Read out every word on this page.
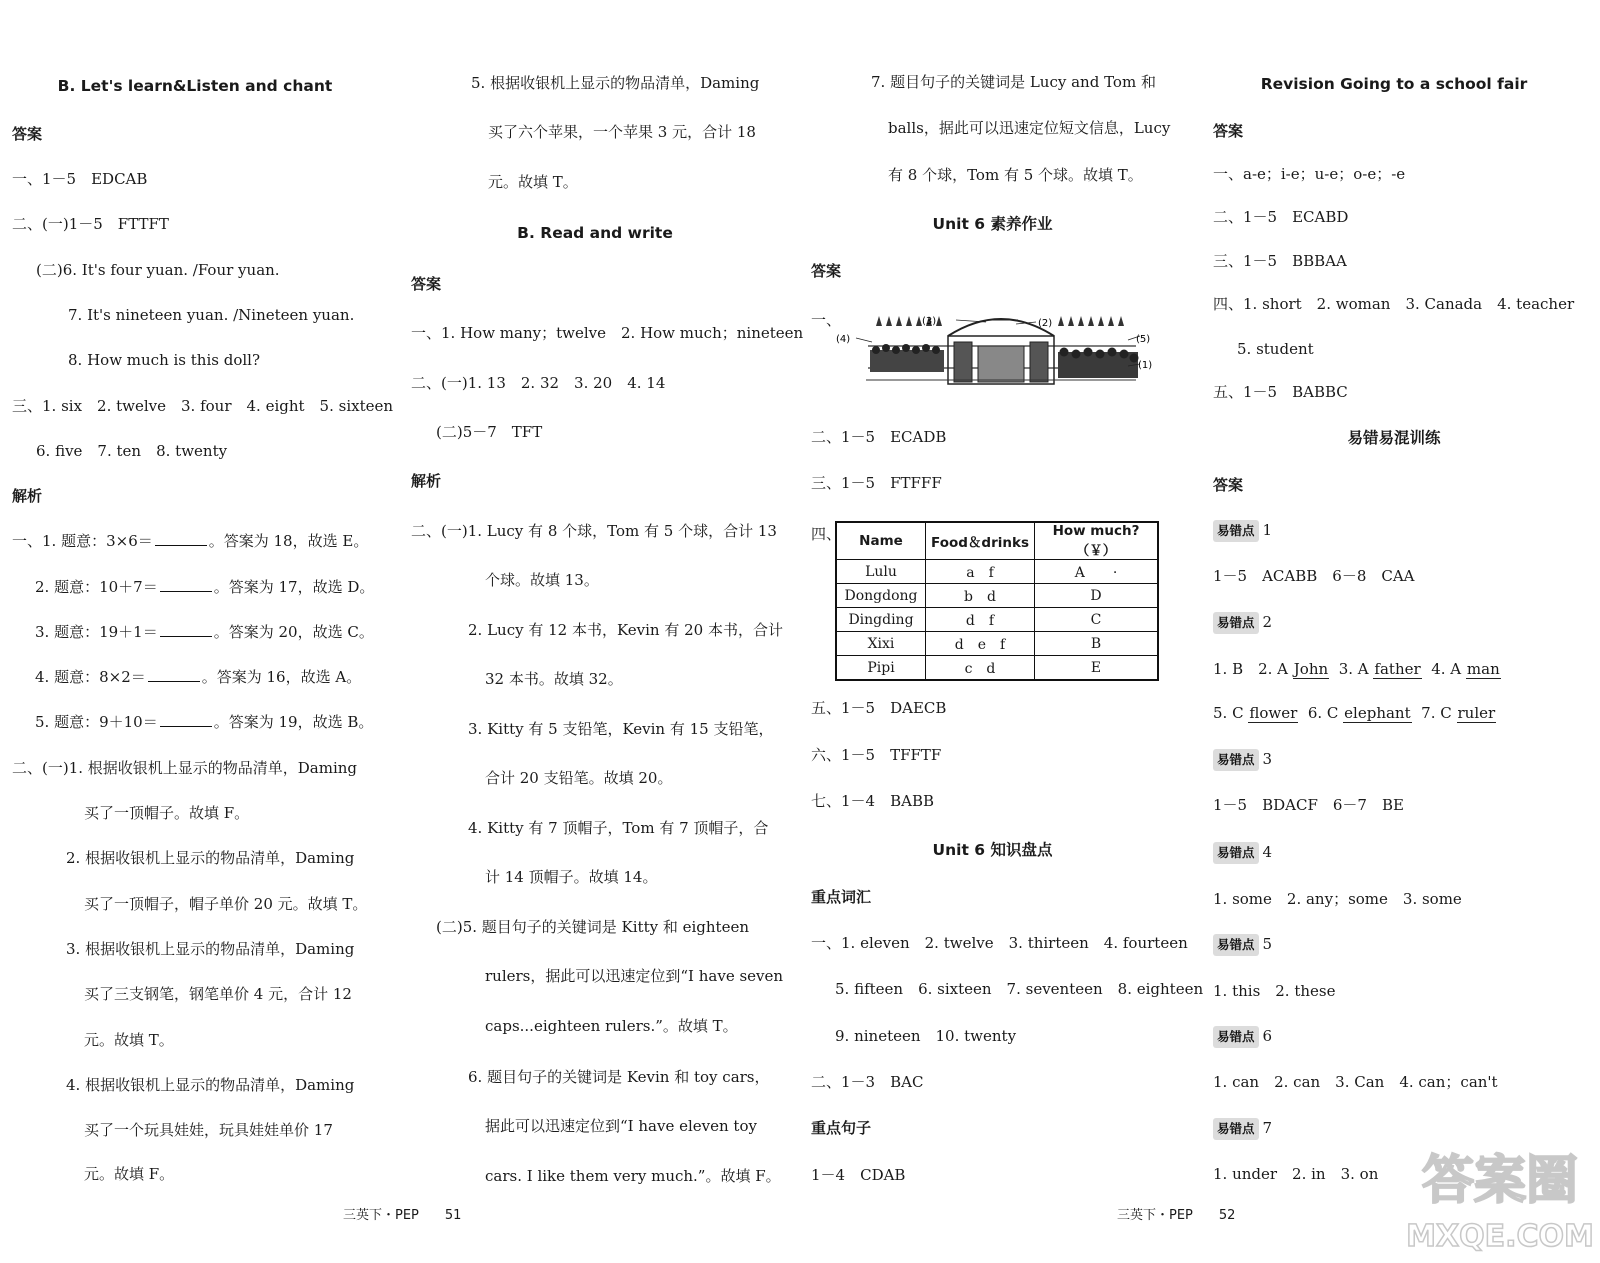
B. Let's learn&Listen and chant
答案
一、1－5　EDCAB
二、(一)1－5　FTTFT
(二)6. It's four yuan. /Four yuan.
7. It's nineteen yuan. /Nineteen yuan.
8. How much is this doll?
三、1. six　2. twelve　3. four　4. eight　5. sixteen
6. five　7. ten　8. twenty
解析
一、1. 题意：3×6＝	。答案为 18，故选 E。
2. 题意：10＋7＝	。答案为 17，故选 D。
3. 题意：19＋1＝	。答案为 20，故选 C。
4. 题意：8×2＝	。答案为 16，故选 A。
5. 题意：9＋10＝	。答案为 19，故选 B。
二、(一)1. 根据收银机上显示的物品清单，Daming
买了一顶帽子。故填 F。
2. 根据收银机上显示的物品清单，Daming
买了一顶帽子，帽子单价 20 元。故填 T。
3. 根据收银机上显示的物品清单，Daming
买了三支钢笔，钢笔单价 4 元，合计 12
元。故填 T。
4. 根据收银机上显示的物品清单，Daming
买了一个玩具娃娃，玩具娃娃单价 17
元。故填 F。
5. 根据收银机上显示的物品清单，Daming
买了六个苹果，一个苹果 3 元，合计 18
元。故填 T。
B. Read and write
答案
一、1. How many；twelve　2. How much；nineteen
二、(一)1. 13　2. 32　3. 20　4. 14
(二)5－7　TFT
解析
二、(一)1. Lucy 有 8 个球，Tom 有 5 个球，合计 13
个球。故填 13。
2. Lucy 有 12 本书，Kevin 有 20 本书，合计
32 本书。故填 32。
3. Kitty 有 5 支铅笔，Kevin 有 15 支铅笔，
合计 20 支铅笔。故填 20。
4. Kitty 有 7 顶帽子，Tom 有 7 顶帽子，合
计 14 顶帽子。故填 14。
(二)5. 题目句子的关键词是 Kitty 和 eighteen
rulers，据此可以迅速定位到“I have seven
caps...eighteen rulers.”。故填 T。
6. 题目句子的关键词是 Kevin 和 toy cars，
据此可以迅速定位到“I have eleven toy
cars. I like them very much.”。故填 F。
三英下・PEP　　51
7. 题目句子的关键词是 Lucy and Tom 和
balls，据此可以迅速定位短文信息，Lucy
有 8 个球，Tom 有 5 个球。故填 T。
Unit 6 素养作业
答案
一、
二、1－5　ECADB
三、1－5　FTFFF
四、
五、1－5　DAECB
六、1－5　TFFTF
七、1－4　BABB
Unit 6 知识盘点
重点词汇
一、1. eleven　2. twelve　3. thirteen　4. fourteen
5. fifteen　6. sixteen　7. seventeen　8. eighteen
9. nineteen　10. twenty
二、1－3　BAC
重点句子
1－4　CDAB
(3)	(2)
(4)	(5)
(1)
Name	Food＆drinks	How much?（￥）
Lulu	a　f	A　　·
Dongdong	b　d	D
Dingding	d　f	C
Xixi	d　e　f	B
Pipi	c　d	E
三英下・PEP　　52
Revision Going to a school fair
答案
一、a-e；i-e；u-e；o-e；-e
二、1－5　ECABD
三、1－5　BBBAA
四、1. short　2. woman　3. Canada　4. teacher
5. student
五、1－5　BABBC
易错易混训练
答案
易错点 1
1－5　ACABB　6－8　CAA
易错点 2
1. B　2. A John 3. A father 4. A man
5. C flower 6. C elephant 7. C ruler
易错点 3
1－5　BDACF　6－7　BE
易错点 4
1. some　2. any；some　3. some
易错点 5
1. this　2. these
易错点 6
1. can　2. can　3. Can　4. can；can't
易错点 7
1. under　2. in　3. on 答案圈
MXQE.COM
